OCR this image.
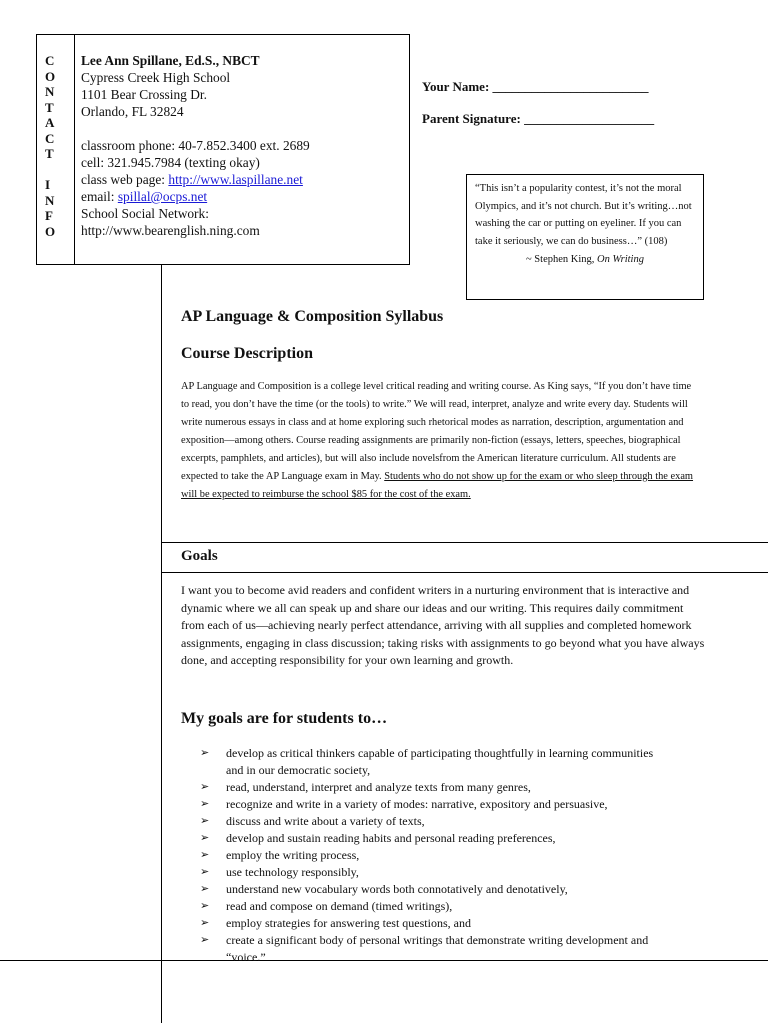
C
O
N
T
A
C
T
I
N
F
O
Lee Ann Spillane, Ed.S., NBCT
Cypress Creek High School
1101 Bear Crossing Dr.
Orlando, FL 32824
classroom phone: 40-7.852.3400 ext. 2689
cell: 321.945.7984 (texting okay)
class web page: http://www.laspillane.net
email: spillal@ocps.net
School Social Network:
http://www.bearenglish.ning.com
Your Name: ________________________
Parent Signature: ____________________
“This isn’t a popularity contest, it’s not the moral Olympics, and it’s not church. But it’s writing…not washing the car or putting on eyeliner. If you can take it seriously, we can do business…” (108)
~ Stephen King, On Writing
AP Language & Composition Syllabus
Course Description
AP Language and Composition is a college level critical reading and writing course. As King says, “If you don’t have time to read, you don’t have the time (or the tools) to write.” We will read, interpret, analyze and write every day. Students will write numerous essays in class and at home exploring such rhetorical modes as narration, description, argumentation and exposition—among others. Course reading assignments are primarily non-fiction (essays, letters, speeches, biographical excerpts, pamphlets, and articles), but will also include novelsfrom the American literature curriculum. All students are expected to take the AP Language exam in May. Students who do not show up for the exam or who sleep through the exam will be expected to reimburse the school $85 for the cost of the exam.
Goals
I want you to become avid readers and confident writers in a nurturing environment that is interactive and dynamic where we all can speak up and share our ideas and our writing. This requires daily commitment from each of us—achieving nearly perfect attendance, arriving with all supplies and completed homework assignments, engaging in class discussion; taking risks with assignments to go beyond what you have always done, and accepting responsibility for your own learning and growth.
My goals are for students to…
➢ develop as critical thinkers capable of participating thoughtfully in learning communities and in our democratic society,
➢ read, understand, interpret and analyze texts from many genres,
➢ recognize and write in a variety of modes: narrative, expository and persuasive,
➢ discuss and write about a variety of texts,
➢ develop and sustain reading habits and personal reading preferences,
➢ employ the writing process,
➢ use technology responsibly,
➢ understand new vocabulary words both connotatively and denotatively,
➢ read and compose on demand (timed writings),
➢ employ strategies for answering test questions, and
➢ create a significant body of personal writings that demonstrate writing development and “voice.”
